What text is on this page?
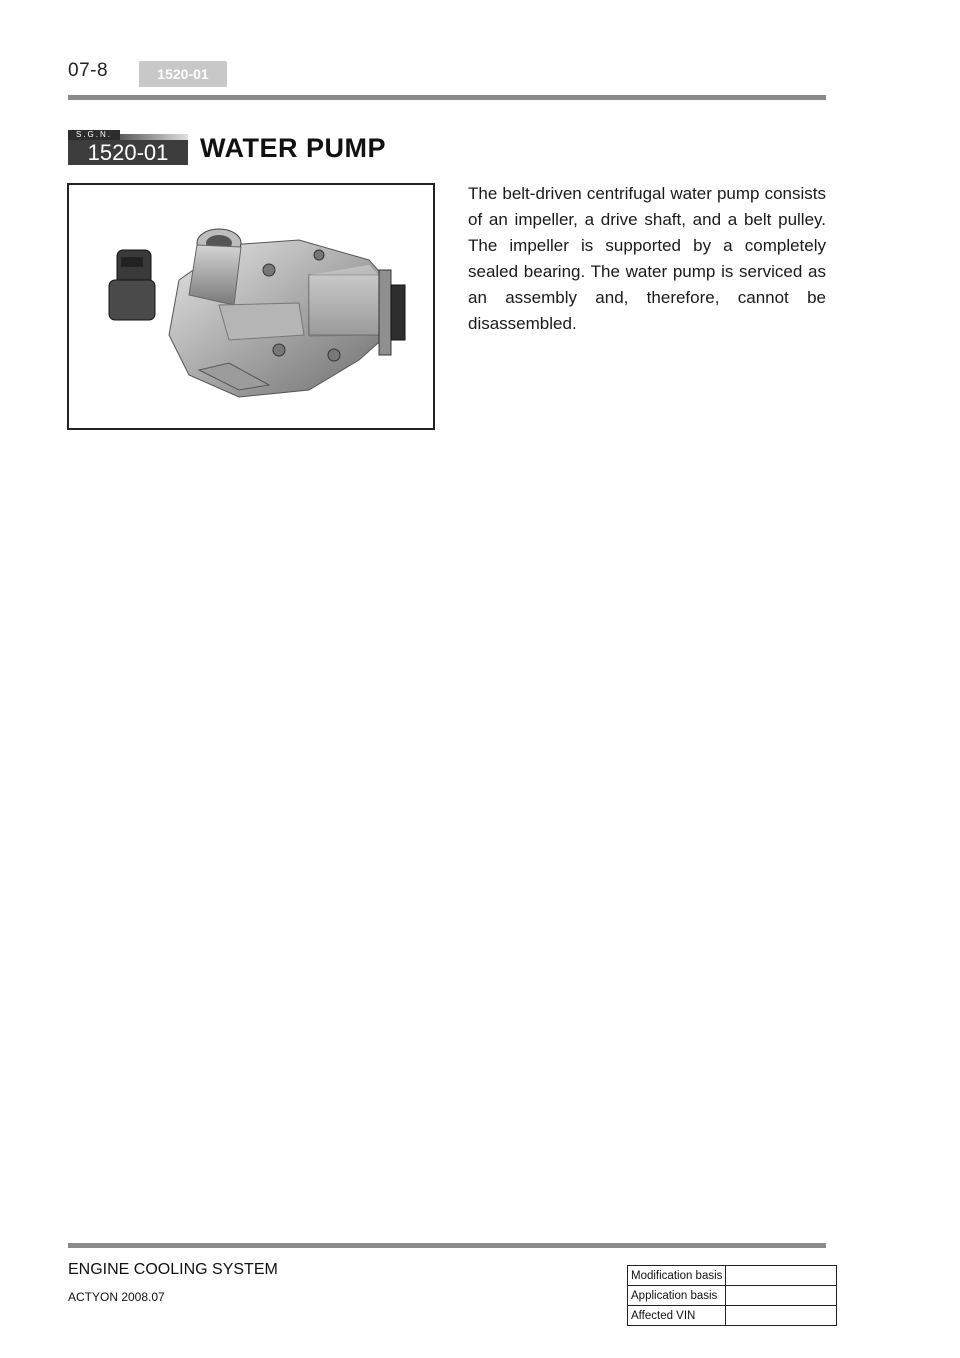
07-8	1520-01
S.G.N.
1520-01	WATER PUMP
The belt-driven centrifugal water pump consists of an impeller, a drive shaft, and a belt pulley. The impeller is supported by a completely sealed bearing. The water pump is serviced as an assembly and, therefore, cannot be disassembled.
ENGINE COOLING SYSTEM
ACTYON 2008.07
Modification basis	
Application basis	
Affected VIN	
